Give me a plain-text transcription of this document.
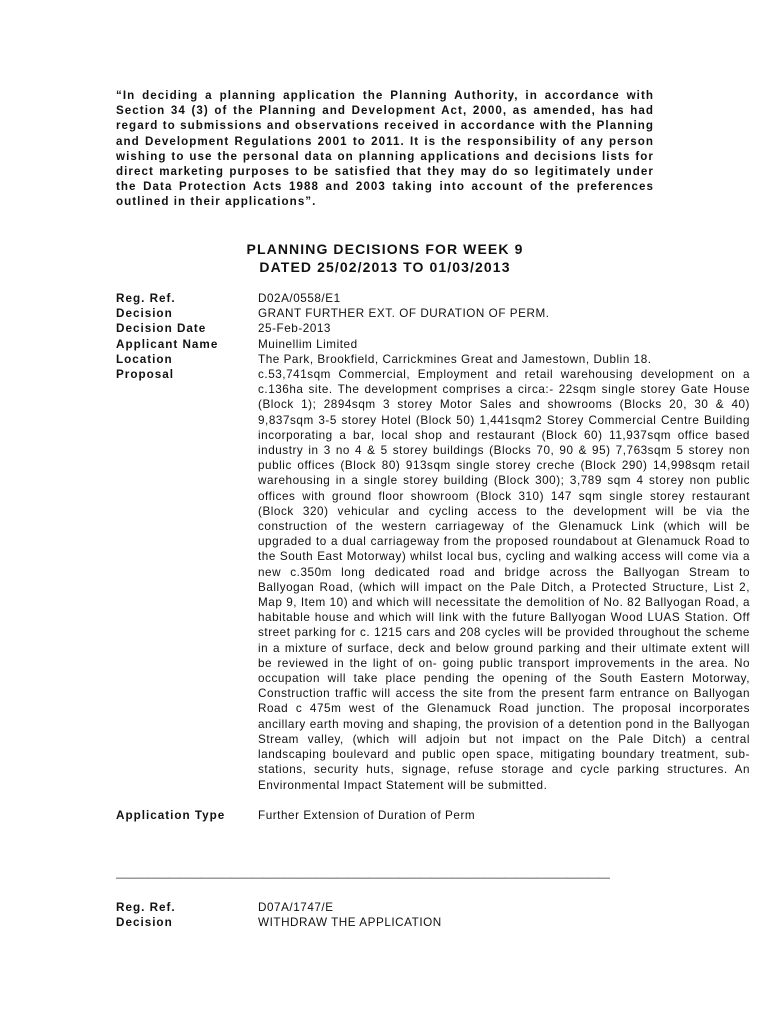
“In deciding a planning application the Planning Authority, in accordance with Section 34 (3) of the Planning and Development Act, 2000, as amended, has had regard to submissions and observations received in accordance with the Planning and Development Regulations 2001 to 2011. It is the responsibility of any person wishing to use the personal data on planning applications and decisions lists for direct marketing purposes to be satisfied that they may do so legitimately under the Data Protection Acts 1988 and 2003 taking into account of the preferences outlined in their applications”.
PLANNING DECISIONS FOR WEEK 9
DATED 25/02/2013 TO 01/03/2013
Reg. Ref.	D02A/0558/E1
Decision	GRANT FURTHER EXT. OF DURATION OF PERM.
Decision Date	25-Feb-2013
Applicant Name	Muinellim Limited
Location	The Park, Brookfield, Carrickmines Great and Jamestown, Dublin 18.
Proposal	c.53,741sqm Commercial, Employment and retail warehousing development on a c.136ha site. The development comprises a circa:- 22sqm single storey Gate House (Block 1); 2894sqm 3 storey Motor Sales and showrooms (Blocks 20, 30 & 40) 9,837sqm 3-5 storey Hotel (Block 50) 1,441sqm2 Storey Commercial Centre Building incorporating a bar, local shop and restaurant (Block 60) 11,937sqm office based industry in 3 no 4 & 5 storey buildings (Blocks 70, 90 & 95) 7,763sqm 5 storey non public offices (Block 80) 913sqm single storey creche (Block 290) 14,998sqm retail warehousing in a single storey building (Block 300); 3,789 sqm 4 storey non public offices with ground floor showroom (Block 310) 147 sqm single storey restaurant (Block 320) vehicular and cycling access to the development will be via the construction of the western carriageway of the Glenamuck Link (which will be upgraded to a dual carriageway from the proposed roundabout at Glenamuck Road to the South East Motorway) whilst local bus, cycling and walking access will come via a new c.350m long dedicated road and bridge across the Ballyogan Stream to Ballyogan Road, (which will impact on the Pale Ditch, a Protected Structure, List 2, Map 9, Item 10) and which will necessitate the demolition of No. 82 Ballyogan Road, a habitable house and which will link with the future Ballyogan Wood LUAS Station. Off street parking for c. 1215 cars and 208 cycles will be provided throughout the scheme in a mixture of surface, deck and below ground parking and their ultimate extent will be reviewed in the light of on- going public transport improvements in the area. No occupation will take place pending the opening of the South Eastern Motorway, Construction traffic will access the site from the present farm entrance on Ballyogan Road c 475m west of the Glenamuck Road junction. The proposal incorporates ancillary earth moving and shaping, the provision of a detention pond in the Ballyogan Stream valley, (which will adjoin but not impact on the Pale Ditch) a central landscaping boulevard and public open space, mitigating boundary treatment, sub-stations, security huts, signage, refuse storage and cycle parking structures. An Environmental Impact Statement will be submitted.
Application Type	Further Extension of Duration of Perm
———————————————————————————————————————————————
Reg. Ref.	D07A/1747/E
Decision	WITHDRAW THE APPLICATION
